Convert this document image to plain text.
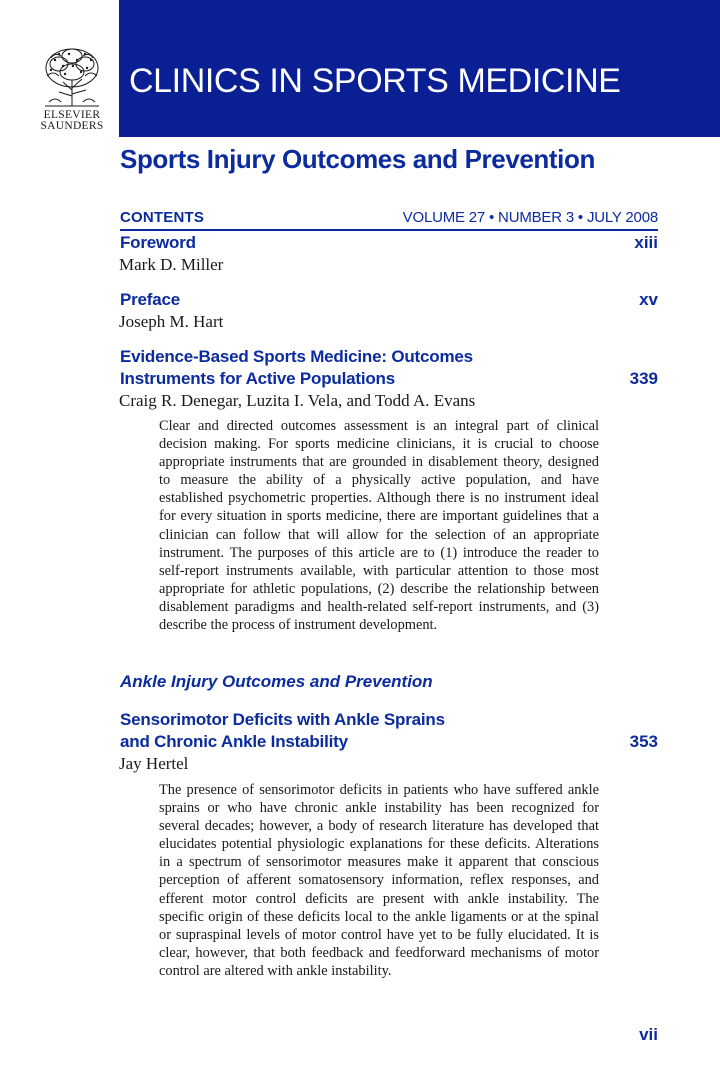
ELSEVIER
SAUNDERS
CLINICS IN SPORTS MEDICINE
Sports Injury Outcomes and Prevention
CONTENTS	VOLUME 27 • NUMBER 3 • JULY 2008
xiii
Foreword
Mark D. Miller
xv
Preface
Joseph M. Hart
339
Evidence-Based Sports Medicine: Outcomes
Instruments for Active Populations
Craig R. Denegar, Luzita I. Vela, and Todd A. Evans
Clear and directed outcomes assessment is an integral part of clinical decision making. For sports medicine clinicians, it is crucial to choose appropriate instruments that are grounded in disablement theory, designed to measure the ability of a physically active population, and have established psychometric properties. Although there is no instrument ideal for every situation in sports medicine, there are important guidelines that a clinician can follow that will allow for the selection of an appropriate instrument. The purposes of this article are to (1) introduce the reader to self-report instruments available, with particular attention to those most appropriate for athletic populations, (2) describe the relationship between disablement paradigms and health-related self-report instruments, and (3) describe the process of instrument development.
Ankle Injury Outcomes and Prevention
353
Sensorimotor Deficits with Ankle Sprains
and Chronic Ankle Instability
Jay Hertel
The presence of sensorimotor deficits in patients who have suffered ankle sprains or who have chronic ankle instability has been recognized for several decades; however, a body of research literature has developed that elucidates potential physiologic explanations for these deficits. Alterations in a spectrum of sensorimotor measures make it apparent that conscious perception of afferent somatosensory information, reflex responses, and efferent motor control deficits are present with ankle instability. The specific origin of these deficits local to the ankle ligaments or at the spinal or supraspinal levels of motor control have yet to be fully elucidated. It is clear, however, that both feedback and feedforward mechanisms of motor control are altered with ankle instability.
vii
